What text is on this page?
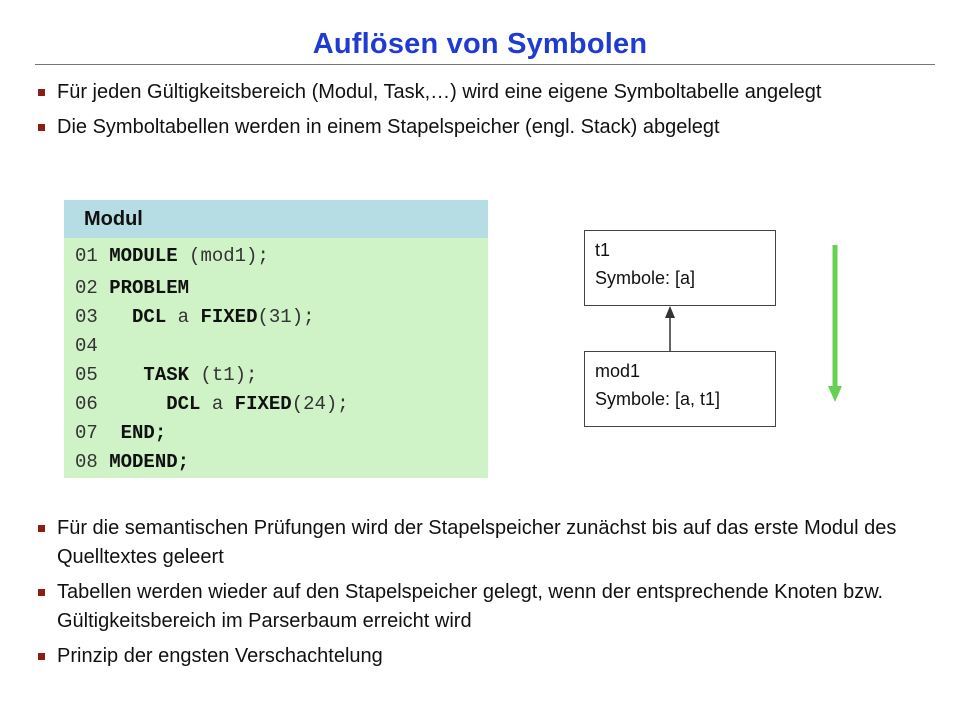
Auflösen von Symbolen
Für jeden Gültigkeitsbereich (Modul, Task,…) wird eine eigene Symboltabelle angelegt
Die Symboltabellen werden in einem Stapelspeicher (engl. Stack) abgelegt
Modul
01 MODULE (mod1);
02 PROBLEM
03 DCL a FIXED(31);
04
05 TASK (t1);
06	DCL a FIXED(24);
07 END;
08 MODEND;
t1
Symbole: [a]
mod1
Symbole: [a, t1]
Für die semantischen Prüfungen wird der Stapelspeicher zunächst bis auf das erste Modul des Quelltextes geleert
Tabellen werden wieder auf den Stapelspeicher gelegt, wenn der entsprechende Knoten bzw. Gültigkeitsbereich im Parserbaum erreicht wird
Prinzip der engsten Verschachtelung
